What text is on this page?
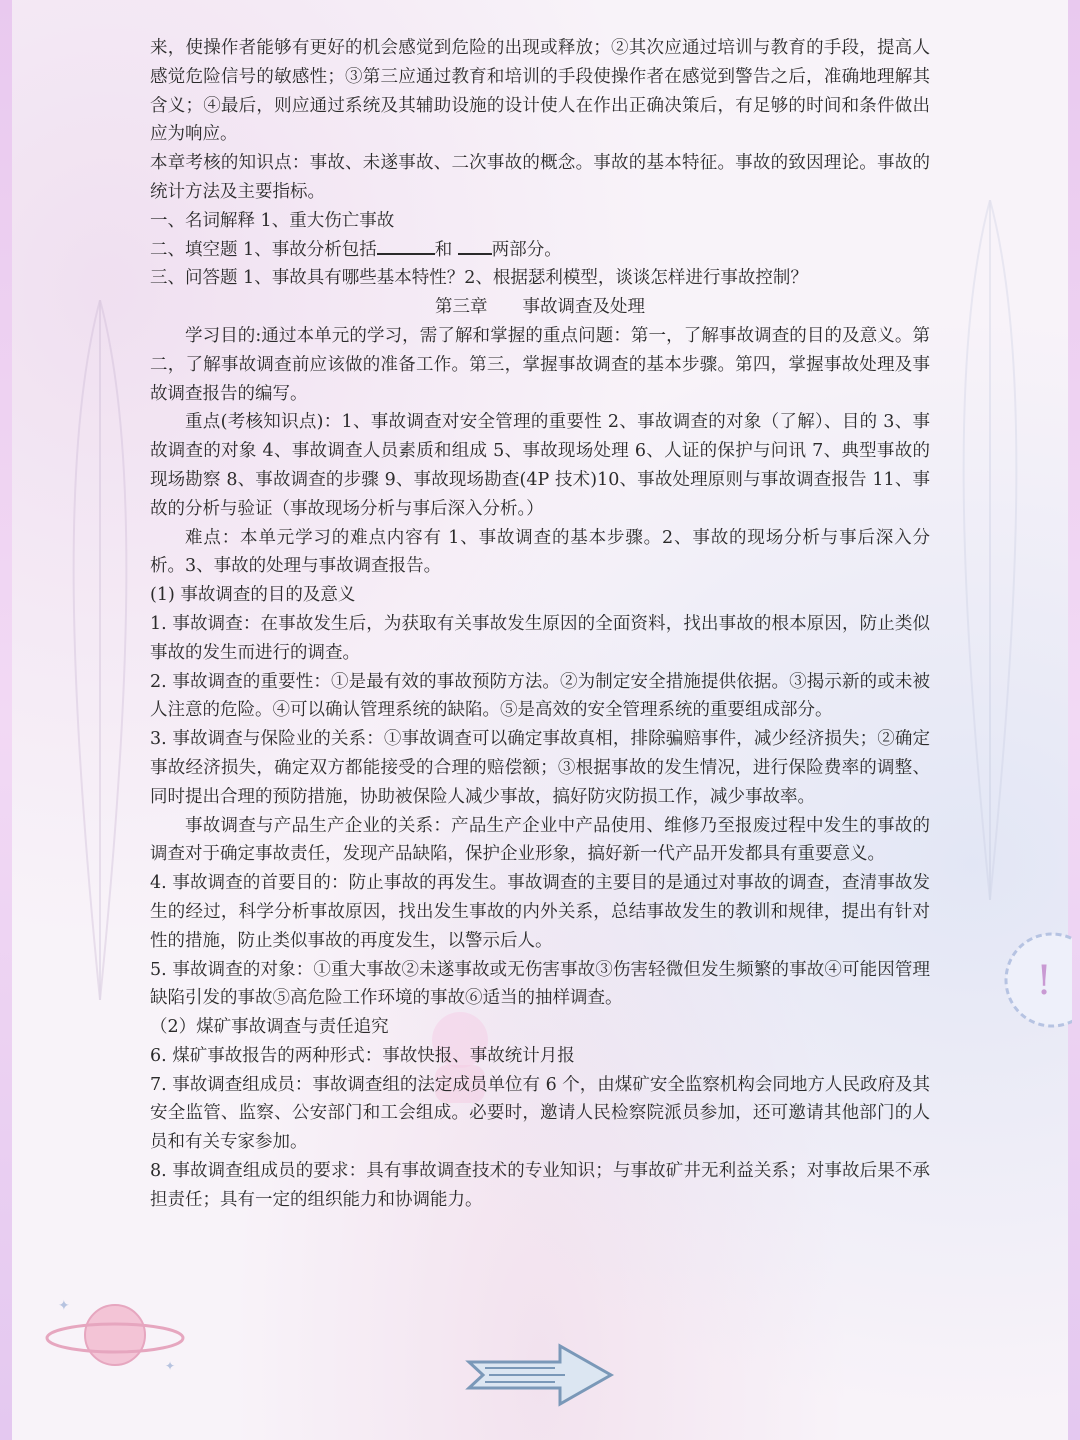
来，使操作者能够有更好的机会感觉到危险的出现或释放；②其次应通过培训与教育的手段，提高人感觉危险信号的敏感性；③第三应通过教育和培训的手段使操作者在感觉到警告之后，准确地理解其含义；④最后，则应通过系统及其辅助设施的设计使人在作出正确决策后，有足够的时间和条件做出应为响应。

本章考核的知识点：事故、未遂事故、二次事故的概念。事故的基本特征。事故的致因理论。事故的统计方法及主要指标。

一、名词解释 1、重大伤亡事故

二、填空题 1、事故分析包括	和 两部分。

三、问答题 1、事故具有哪些基本特性？2、根据瑟利模型，谈谈怎样进行事故控制？

第三章　　事故调查及处理

学习目的:通过本单元的学习，需了解和掌握的重点问题：第一，了解事故调查的目的及意义。第二，了解事故调查前应该做的准备工作。第三，掌握事故调查的基本步骤。第四，掌握事故处理及事故调查报告的编写。

重点(考核知识点)：1、事故调查对安全管理的重要性 2、事故调查的对象（了解）、目的 3、事故调查的对象 4、事故调查人员素质和组成 5、事故现场处理 6、人证的保护与问讯 7、典型事故的现场勘察 8、事故调查的步骤 9、事故现场勘查(4P 技术)10、事故处理原则与事故调查报告 11、事故的分析与验证（事故现场分析与事后深入分析。）

难点：本单元学习的难点内容有 1、事故调查的基本步骤。2、事故的现场分析与事后深入分析。3、事故的处理与事故调查报告。

(1) 事故调查的目的及意义

1. 事故调查：在事故发生后，为获取有关事故发生原因的全面资料，找出事故的根本原因，防止类似事故的发生而进行的调查。

2. 事故调查的重要性：①是最有效的事故预防方法。②为制定安全措施提供依据。③揭示新的或未被人注意的危险。④可以确认管理系统的缺陷。⑤是高效的安全管理系统的重要组成部分。

3. 事故调查与保险业的关系：①事故调查可以确定事故真相，排除骗赔事件，减少经济损失；②确定事故经济损失，确定双方都能接受的合理的赔偿额；③根据事故的发生情况，进行保险费率的调整、同时提出合理的预防措施，协助被保险人减少事故，搞好防灾防损工作，减少事故率。

事故调查与产品生产企业的关系：产品生产企业中产品使用、维修乃至报废过程中发生的事故的调查对于确定事故责任，发现产品缺陷，保护企业形象，搞好新一代产品开发都具有重要意义。

4. 事故调查的首要目的：防止事故的再发生。事故调查的主要目的是通过对事故的调查，查清事故发生的经过，科学分析事故原因，找出发生事故的内外关系，总结事故发生的教训和规律，提出有针对性的措施，防止类似事故的再度发生，以警示后人。

5. 事故调查的对象：①重大事故②未遂事故或无伤害事故③伤害轻微但发生频繁的事故④可能因管理缺陷引发的事故⑤高危险工作环境的事故⑥适当的抽样调查。

（2）煤矿事故调查与责任追究

6. 煤矿事故报告的两种形式：事故快报、事故统计月报

7. 事故调查组成员：事故调查组的法定成员单位有 6 个，由煤矿安全监察机构会同地方人民政府及其安全监管、监察、公安部门和工会组成。必要时，邀请人民检察院派员参加，还可邀请其他部门的人员和有关专家参加。

8. 事故调查组成员的要求：具有事故调查技术的专业知识；与事故矿井无利益关系；对事故后果不承担责任；具有一定的组织能力和协调能力。

✦
✦
!
